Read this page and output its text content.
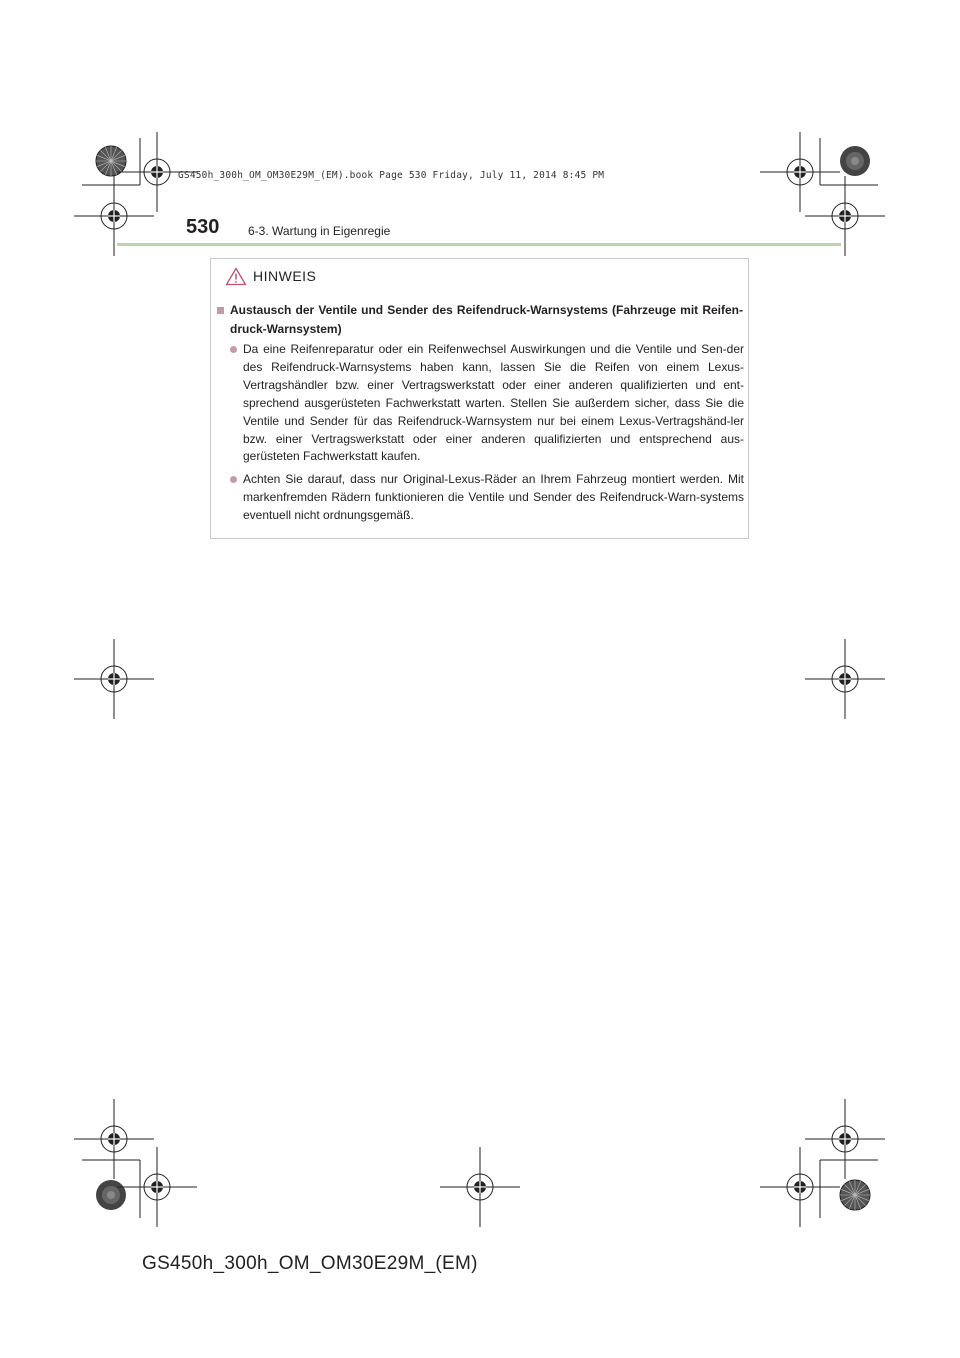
GS450h_300h_OM_OM30E29M_(EM).book Page 530 Friday, July 11, 2014 8:45 PM
530 6-3. Wartung in Eigenregie
HINWEIS
Austausch der Ventile und Sender des Reifendruck-Warnsystems (Fahrzeuge mit Reifen-druck-Warnsystem)
Da eine Reifenreparatur oder ein Reifenwechsel Auswirkungen und die Ventile und Sen-der des Reifendruck-Warnsystems haben kann, lassen Sie die Reifen von einem Lexus-Vertragshändler bzw. einer Vertragswerkstatt oder einer anderen qualifizierten und ent-sprechend ausgerüsteten Fachwerkstatt warten. Stellen Sie außerdem sicher, dass Sie die Ventile und Sender für das Reifendruck-Warnsystem nur bei einem Lexus-Vertragshänd-ler bzw. einer Vertragswerkstatt oder einer anderen qualifizierten und entsprechend aus-gerüsteten Fachwerkstatt kaufen.
Achten Sie darauf, dass nur Original-Lexus-Räder an Ihrem Fahrzeug montiert werden. Mit markenfremden Rädern funktionieren die Ventile und Sender des Reifendruck-Warn-systems eventuell nicht ordnungsgemäß.
GS450h_300h_OM_OM30E29M_(EM)
